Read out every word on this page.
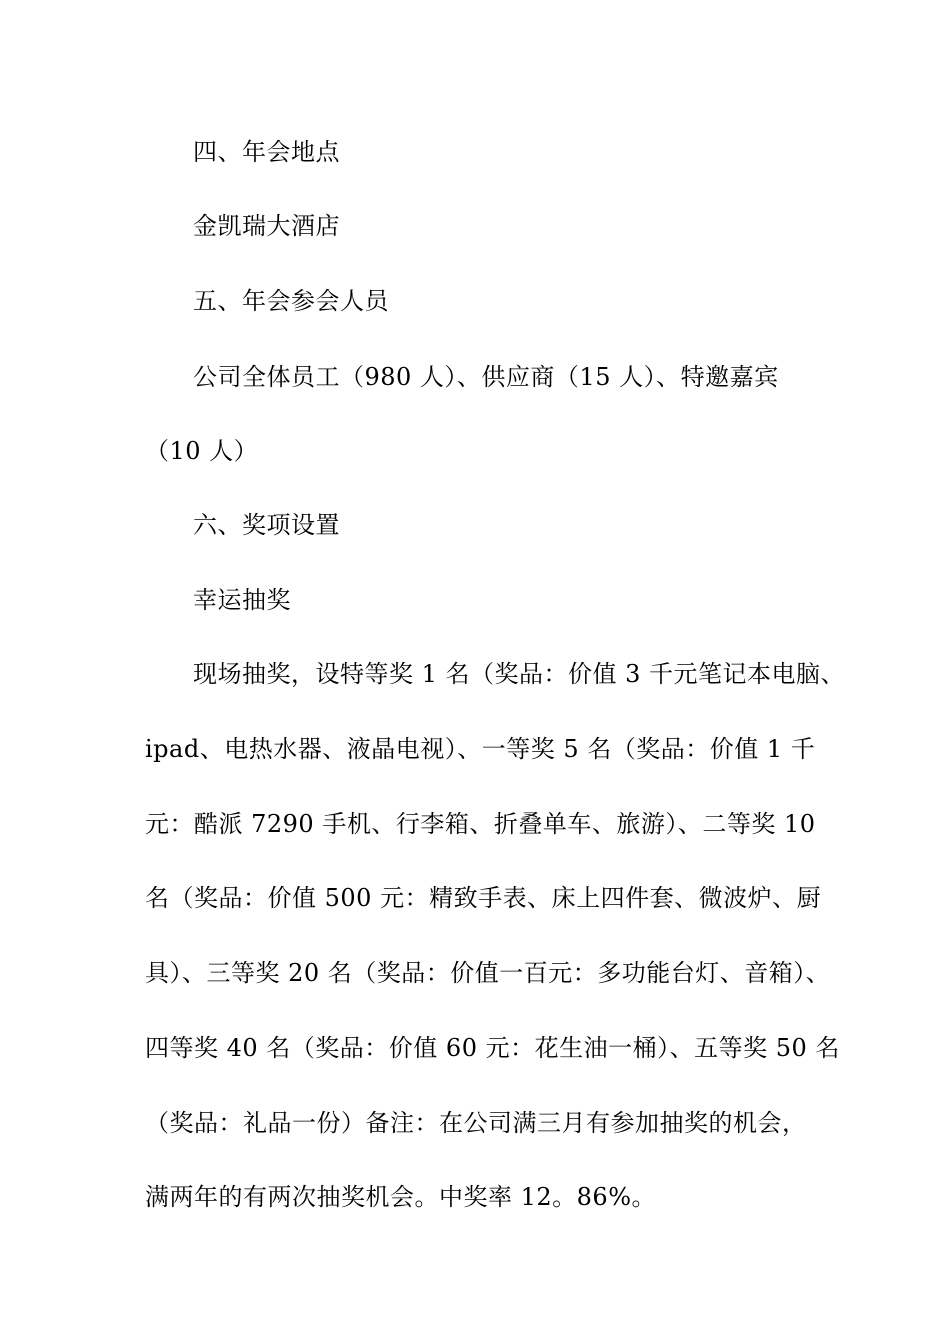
四、年会地点
金凯瑞大酒店
五、年会参会人员
公司全体员工（980 人）、供应商（15 人）、特邀嘉宾
（10 人）
六、奖项设置
幸运抽奖
现场抽奖，设特等奖 1 名（奖品：价值 3 千元笔记本电脑、
ipad、电热水器、液晶电视）、一等奖 5 名（奖品：价值 1 千
元：酷派 7290 手机、行李箱、折叠单车、旅游）、二等奖 10
名（奖品：价值 500 元：精致手表、床上四件套、微波炉、厨
具）、三等奖 20 名（奖品：价值一百元：多功能台灯、音箱）、
四等奖 40 名（奖品：价值 60 元：花生油一桶）、五等奖 50 名
（奖品：礼品一份）备注：在公司满三月有参加抽奖的机会，
满两年的有两次抽奖机会。中奖率 12。86%。
